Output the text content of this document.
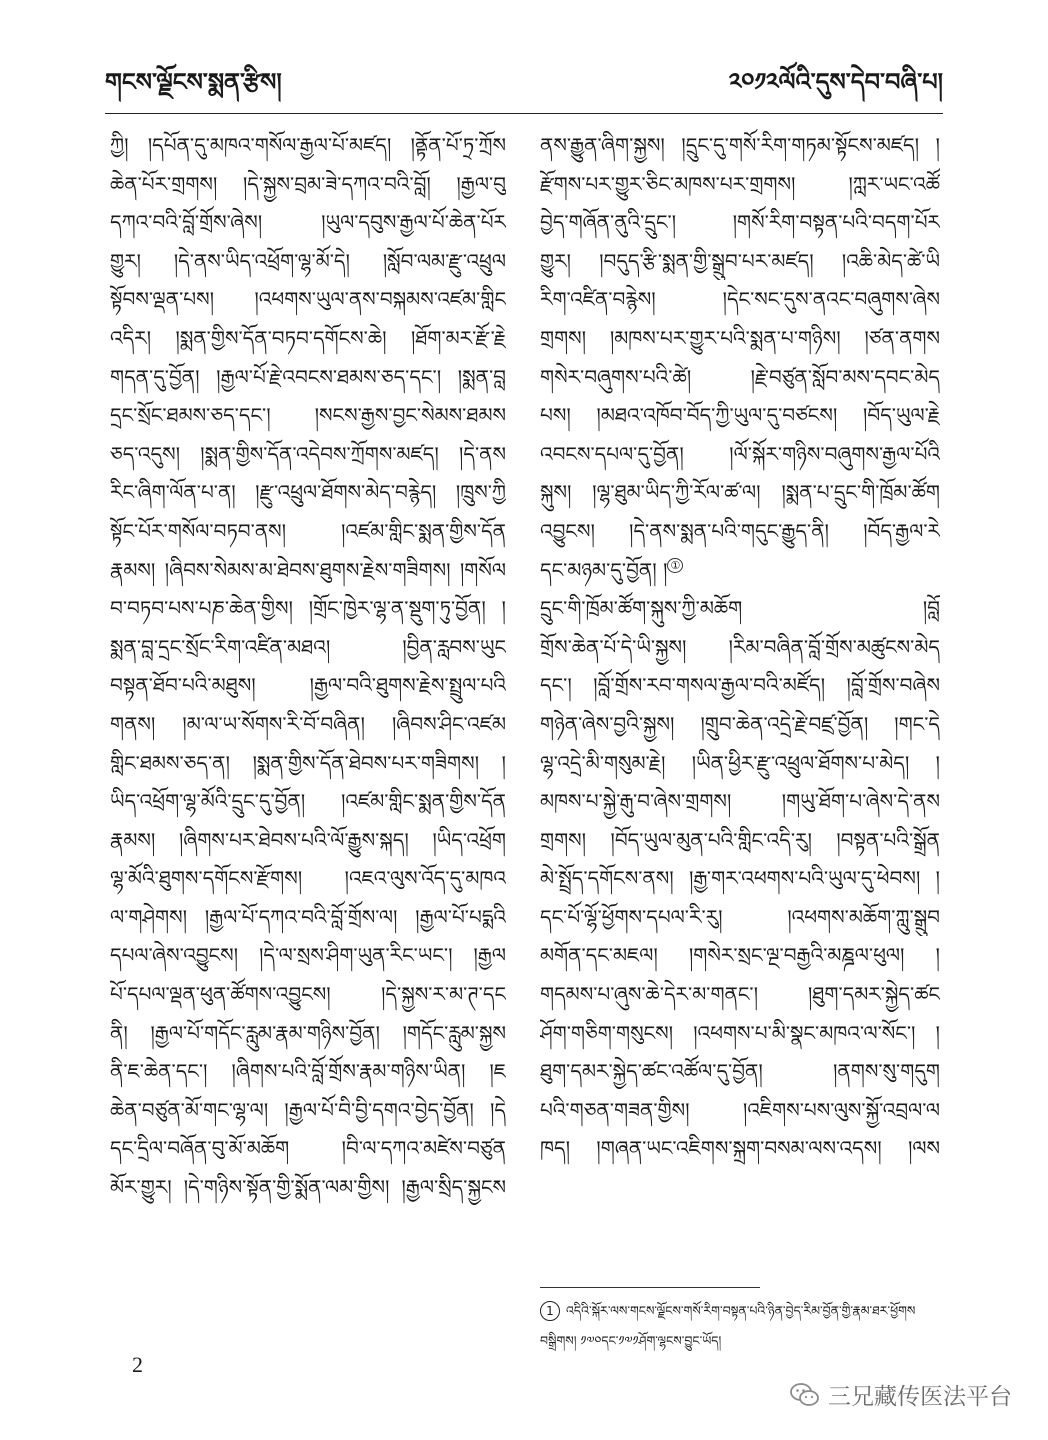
གངས་ལྗོངས་སྨན་རྩིས།	༢༠༡༢ལོའི་དུས་དེབ་བཞི་པ།
ཀྱི། །དཔོན་དུ་མཁའ་གསོལ་རྒྱལ་པོ་མཛད། །ནྟོན་པོ་ཏྲ་ཀྲོས
ཆེན་པོར་གྲགས། །དེ་སྐྱས་བྲམ་ཟེ་དཀའ་བའི་བློ། །རྒྱལ་བུ
དཀའ་བའི་བློ་གྲོས་ཞེས། །ཡུལ་དབུས་རྒྱལ་པོ་ཆེན་པོར
གྱུར། །དེ་ནས་ཡིད་འཕྲོག་ལྷ་མོ་དེ། །སློབ་ལམ་རྫུ་འཕྲུལ
སྟོབས་ལྡན་པས། །འཕགས་ཡུལ་ནས་བསྐམས་འཛམ་གླིང
འདིར། །སྨན་གྱིས་དོན་བཏབ་དགོངས་ཆེ། །ཐོག་མར་རྫོ་རྗེ
གདན་དུ་བྱོན། །རྒྱལ་པོ་རྗེ་འབངས་ཐམས་ཅད་དང་། །སྨན་བླ
དྲང་སྲོང་ཐམས་ཅད་དང་། །སངས་རྒྱས་བྱང་སེམས་ཐམས
ཅད་འདུས། །སྨན་གྱིས་དོན་འདེབས་ཀྲོགས་མཛད། །དེ་ནས
རིང་ཞིག་ལོན་པ་ན། །རྫུ་འཕྲུལ་ཐོགས་མེད་བརྙེད། །ཁྲུས་ཀྱི
སྟོང་པོར་གསོལ་བཏབ་ནས། །འཛམ་གླིང་སྨན་གྱིས་དོན
རྣམས། །ཞིབས་སེམས་མ་ཐེབས་ཐུགས་རྗེས་གཟིགས། །གསོལ
བ་བཏབ་པས་པཎ་ཆེན་གྱིས། །གྲོང་ཁྱེར་ལྷ་ན་སྡུག་ཏུ་བྱོན། །
སྨན་བླ་དྲང་སྲོང་རིག་འཛིན་མཐའ། །བྱིན་རླབས་ཡུང
བསྟན་ཐོབ་པའི་མཐུས། །རྒྱལ་བའི་ཐུགས་རྗེས་སྤྲུལ་པའི
གནས། །མ་ལ་ཡ་སོགས་རི་བོ་བཞིན། །ཞིབས་ཤིང་འཛམ
གླིང་ཐམས་ཅད་ན། །སྨན་གྱིས་དོན་ཐེབས་པར་གཟིགས། །
ཡིད་འཕྲོག་ལྷ་མོའི་དྲུང་དུ་བྱོན། །འཛམ་གླིང་སྨན་གྱིས་དོན
རྣམས། །ཞིགས་པར་ཐེབས་པའི་ལོ་རྒྱུས་སྐད། །ཡིད་འཕྲོག
ལྷ་མོའི་ཐུགས་དགོངས་རྫོགས། །འཇའ་ལུས་འོད་དུ་མཁའ
ལ་གཤེགས། །རྒྱལ་པོ་དཀའ་བའི་བློ་གྲོས་ལ། །རྒྱལ་པོ་པདྨའི
དཔལ་ཞེས་འབྱུངས། །དེ་ལ་སྲས་ཤིག་ཡུན་རིང་ཡང་། །རྒྱལ
པོ་དཔལ་ལྡན་ཕུན་ཚོགས་འབྱུངས། །དེ་སྐྱས་ར་མ་ཊ་དང
ནི། །རྒྱལ་པོ་གདོང་རླུམ་རྣམ་གཉིས་བྱོན། །གདོང་རླུམ་སྐྱས
ནི་ཇ་ཆེན་དང་། །ཞིགས་པའི་བློ་གྲོས་རྣམ་གཉིས་ཡིན། །ཇ
ཆེན་བཙུན་མོ་གང་ལྷ་ལ། །རྒྱལ་པོ་བི་བྱི་དགའ་བྱེད་བྱོན། །དེ
དང་དྲིལ་བཞོན་བུ་མོ་མཆོག །བི་ལ་དཀའ་མཛེས་བཙུན
མོར་གྱུར། །དེ་གཉིས་སྟོན་གྱི་སྨོན་ལམ་གྱིས། །རྒྱལ་སྲིད་སྐྱངས
ནས་རྒྱུན་ཞིག་སྐྱས། །དྲུང་དུ་གསོ་རིག་གཏམ་སྟོངས་མཛད། །
རྫོགས་པར་གྱུར་ཅིང་མཁས་པར་གྲགས། །ཀླར་ཡང་འཚོ
བྱེད་གཞོན་ནུའི་དྲུང་། །གསོ་རིག་བསྟན་པའི་བདག་པོར
གྱུར། །བདུད་རྩི་སྨན་གྱི་སྒྲུབ་པར་མཛད། །འཆི་མེད་ཚེ་ཡི
རིག་འཛིན་བརྙེས། །དེང་སང་དུས་ནའང་བཞུགས་ཞེས
གྲགས། །མཁས་པར་གྱུར་པའི་སྨན་པ་གཉིས། །ཙན་ནགས
གསེར་བཞུགས་པའི་ཚེ། །རྗེ་བཙུན་སློབ་མས་དབང་མེད
པས། །མཐའ་འཁོབ་བོད་ཀྱི་ཡུལ་དུ་བཙངས། །བོད་ཡུལ་རྗེ
འབངས་དཔལ་དུ་བྱོན། །ལོ་སྐོར་གཉིས་བཞུགས་རྒྱལ་པོའི
སྐུས། །ལྷ་ཐུམ་ཡིད་ཀྱི་རོལ་ཚ་ལ། །སྨན་པ་དྲུང་གི་ཁྲོམ་ཚོག
འབྱུངས། །དེ་ནས་སྨན་པའི་གདུང་རྒྱུད་ནི། །བོད་རྒྱལ་རེ
དང་མཉམ་དུ་བྱོན། ། ①
དྲུང་གི་ཁྲོམ་ཚོག་སྐུས་ཀྱི་མཆོག །བློ
གྲོས་ཆེན་པོ་དེ་ཡི་སྐྱས། །རིམ་བཞིན་བློ་གྲོས་མཚུངས་མེད
དང་། །བློ་གྲོས་རབ་གསལ་རྒྱལ་བའི་མཛོད། །བློ་གྲོས་བཞེས
གཉེན་ཞེས་བྱའི་སྐྱས། །གྲུབ་ཆེན་འདྲེ་རྗེ་བཛྲ་བྱོན། །གང་དེ
ལྷ་འདྲེ་མི་གསུམ་རྗེ། །ཡིན་ཕྱིར་རྫུ་འཕྲུལ་ཐོགས་པ་མེད། །
མཁས་པ་སྐྱེ་རྒུ་བ་ཞེས་གྲགས། །གཡུ་ཐོག་པ་ཞེས་དེ་ནས
གྲགས། །བོད་ཡུལ་མུན་པའི་གླིང་འདི་རུ། །བསྟན་པའི་སྒྲོན
མེ་སྤྲོད་དགོངས་ནས། །རྒྱ་གར་འཕགས་པའི་ཡུལ་དུ་ཕེབས། །
དང་པོ་ལྷོ་ཕྱོགས་དཔལ་རི་རུ། །འཕགས་མཆོག་ཀླུ་སྒྲུབ
མགོན་དང་མཇལ། །གསེར་སྲང་ལྔ་བརྒྱའི་མཎྜལ་ཕུལ། །
གདམས་པ་ཞུས་ཆེ་དེར་མ་གནང་། །ཐུག་དམར་སྐྱེད་ཚང
ཤོག་གཅིག་གསུངས། །འཕགས་པ་མི་སྣང་མཁའ་ལ་སོང་། །
ཐུག་དམར་སྐྱེད་ཚང་འཚོལ་དུ་བྱོན། །ནགས་སུ་གདུག
པའི་གཅན་གཟན་གྱིས། །འཇིགས་པས་ལུས་སྐྱོ་འབྲལ་ལ
ཁད། །གཞན་ཡང་འཇིགས་སྐྲག་བསམ་ལས་འདས། །ལས
1 འདིའི་སྐོར་ལས་གངས་ལྗོངས་གསོ་རིག་བསྟན་པའི་ཉིན་བྱེད་རིམ་བྱོན་གྱི་རྣམ་ཐར་ཕྱོགས
བསྒྲིགས། ༡༧༠དང་༡༧༡ཤོག་ལྷངས་བྱུང་ཡོད།
2
三兄藏传医法平台
